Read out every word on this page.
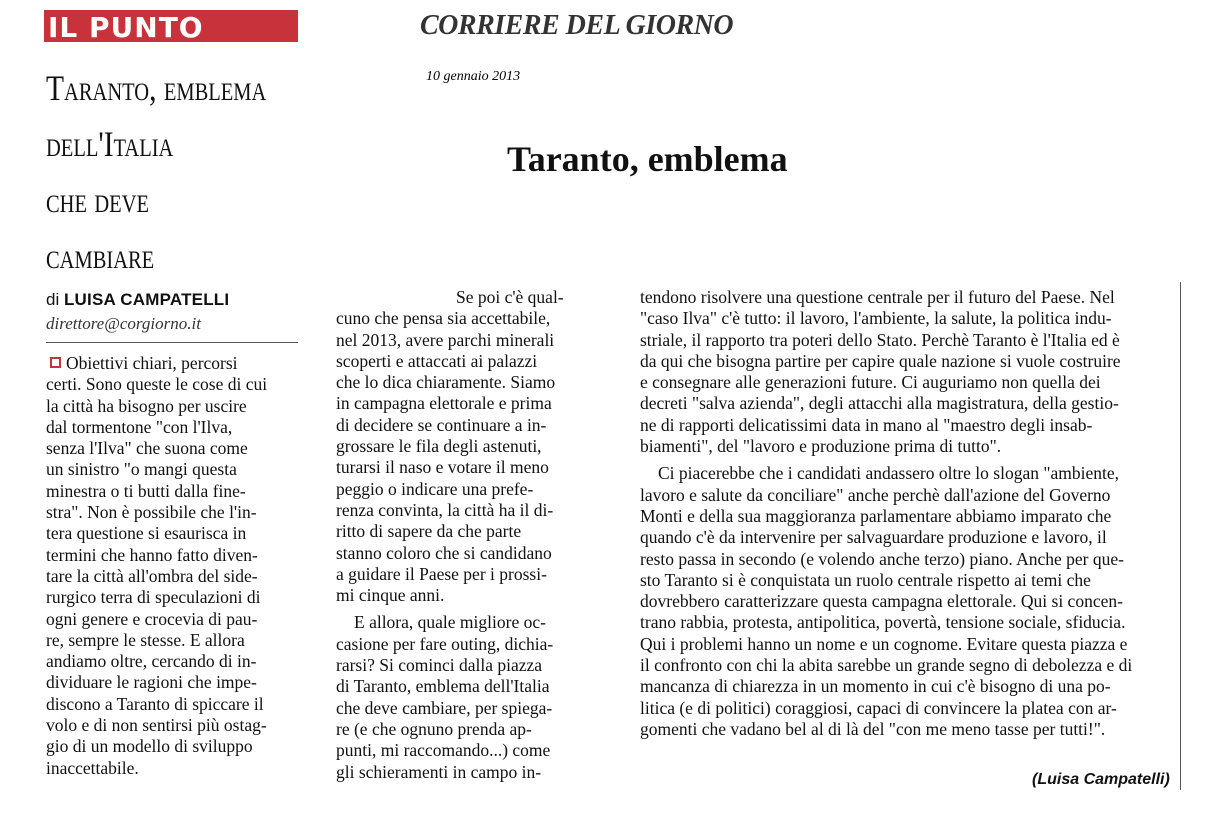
IL PUNTO	CORRIERE DEL GIORNO
10 gennaio 2013
Taranto, emblema
dell'Italia
che deve
cambiare
Taranto, emblema
di LUISA CAMPATELLI
direttore@corgiorno.it
Obiettivi chiari, percorsi
certi. Sono queste le cose di cui
la città ha bisogno per uscire
dal tormentone "con l'Ilva,
senza l'Ilva" che suona come
un sinistro "o mangi questa
minestra o ti butti dalla fine-
stra". Non è possibile che l'in-
tera questione si esaurisca in
termini che hanno fatto diven-
tare la città all'ombra del side-
rurgico terra di speculazioni di
ogni genere e crocevia di pau-
re, sempre le stesse. E allora
andiamo oltre, cercando di in-
dividuare le ragioni che impe-
discono a Taranto di spiccare il
volo e di non sentirsi più ostag-
gio di un modello di sviluppo
inaccettabile.
Se poi c'è qual-
cuno che pensa sia accettabile,
nel 2013, avere parchi minerali
scoperti e attaccati ai palazzi
che lo dica chiaramente. Siamo
in campagna elettorale e prima
di decidere se continuare a in-
grossare le fila degli astenuti,
turarsi il naso e votare il meno
peggio o indicare una prefe-
renza convinta, la città ha il di-
ritto di sapere da che parte
stanno coloro che si candidano
a guidare il Paese per i prossi-
mi cinque anni.
E allora, quale migliore oc-
casione per fare outing, dichia-
rarsi? Si cominci dalla piazza
di Taranto, emblema dell'Italia
che deve cambiare, per spiega-
re (e che ognuno prenda ap-
punti, mi raccomando...) come
gli schieramenti in campo in-
tendono risolvere una questione centrale per il futuro del Paese. Nel
"caso Ilva" c'è tutto: il lavoro, l'ambiente, la salute, la politica indu-
striale, il rapporto tra poteri dello Stato. Perchè Taranto è l'Italia ed è
da qui che bisogna partire per capire quale nazione si vuole costruire
e consegnare alle generazioni future. Ci auguriamo non quella dei
decreti "salva azienda", degli attacchi alla magistratura, della gestio-
ne di rapporti delicatissimi data in mano al "maestro degli insab-
biamenti", del "lavoro e produzione prima di tutto".
Ci piacerebbe che i candidati andassero oltre lo slogan "ambiente,
lavoro e salute da conciliare" anche perchè dall'azione del Governo
Monti e della sua maggioranza parlamentare abbiamo imparato che
quando c'è da intervenire per salvaguardare produzione e lavoro, il
resto passa in secondo (e volendo anche terzo) piano. Anche per que-
sto Taranto si è conquistata un ruolo centrale rispetto ai temi che
dovrebbero caratterizzare questa campagna elettorale. Qui si concen-
trano rabbia, protesta, antipolitica, povertà, tensione sociale, sfiducia.
Qui i problemi hanno un nome e un cognome. Evitare questa piazza e
il confronto con chi la abita sarebbe un grande segno di debolezza e di
mancanza di chiarezza in un momento in cui c'è bisogno di una po-
litica (e di politici) coraggiosi, capaci di convincere la platea con ar-
gomenti che vadano bel al di là del "con me meno tasse per tutti!".
(Luisa Campatelli)
